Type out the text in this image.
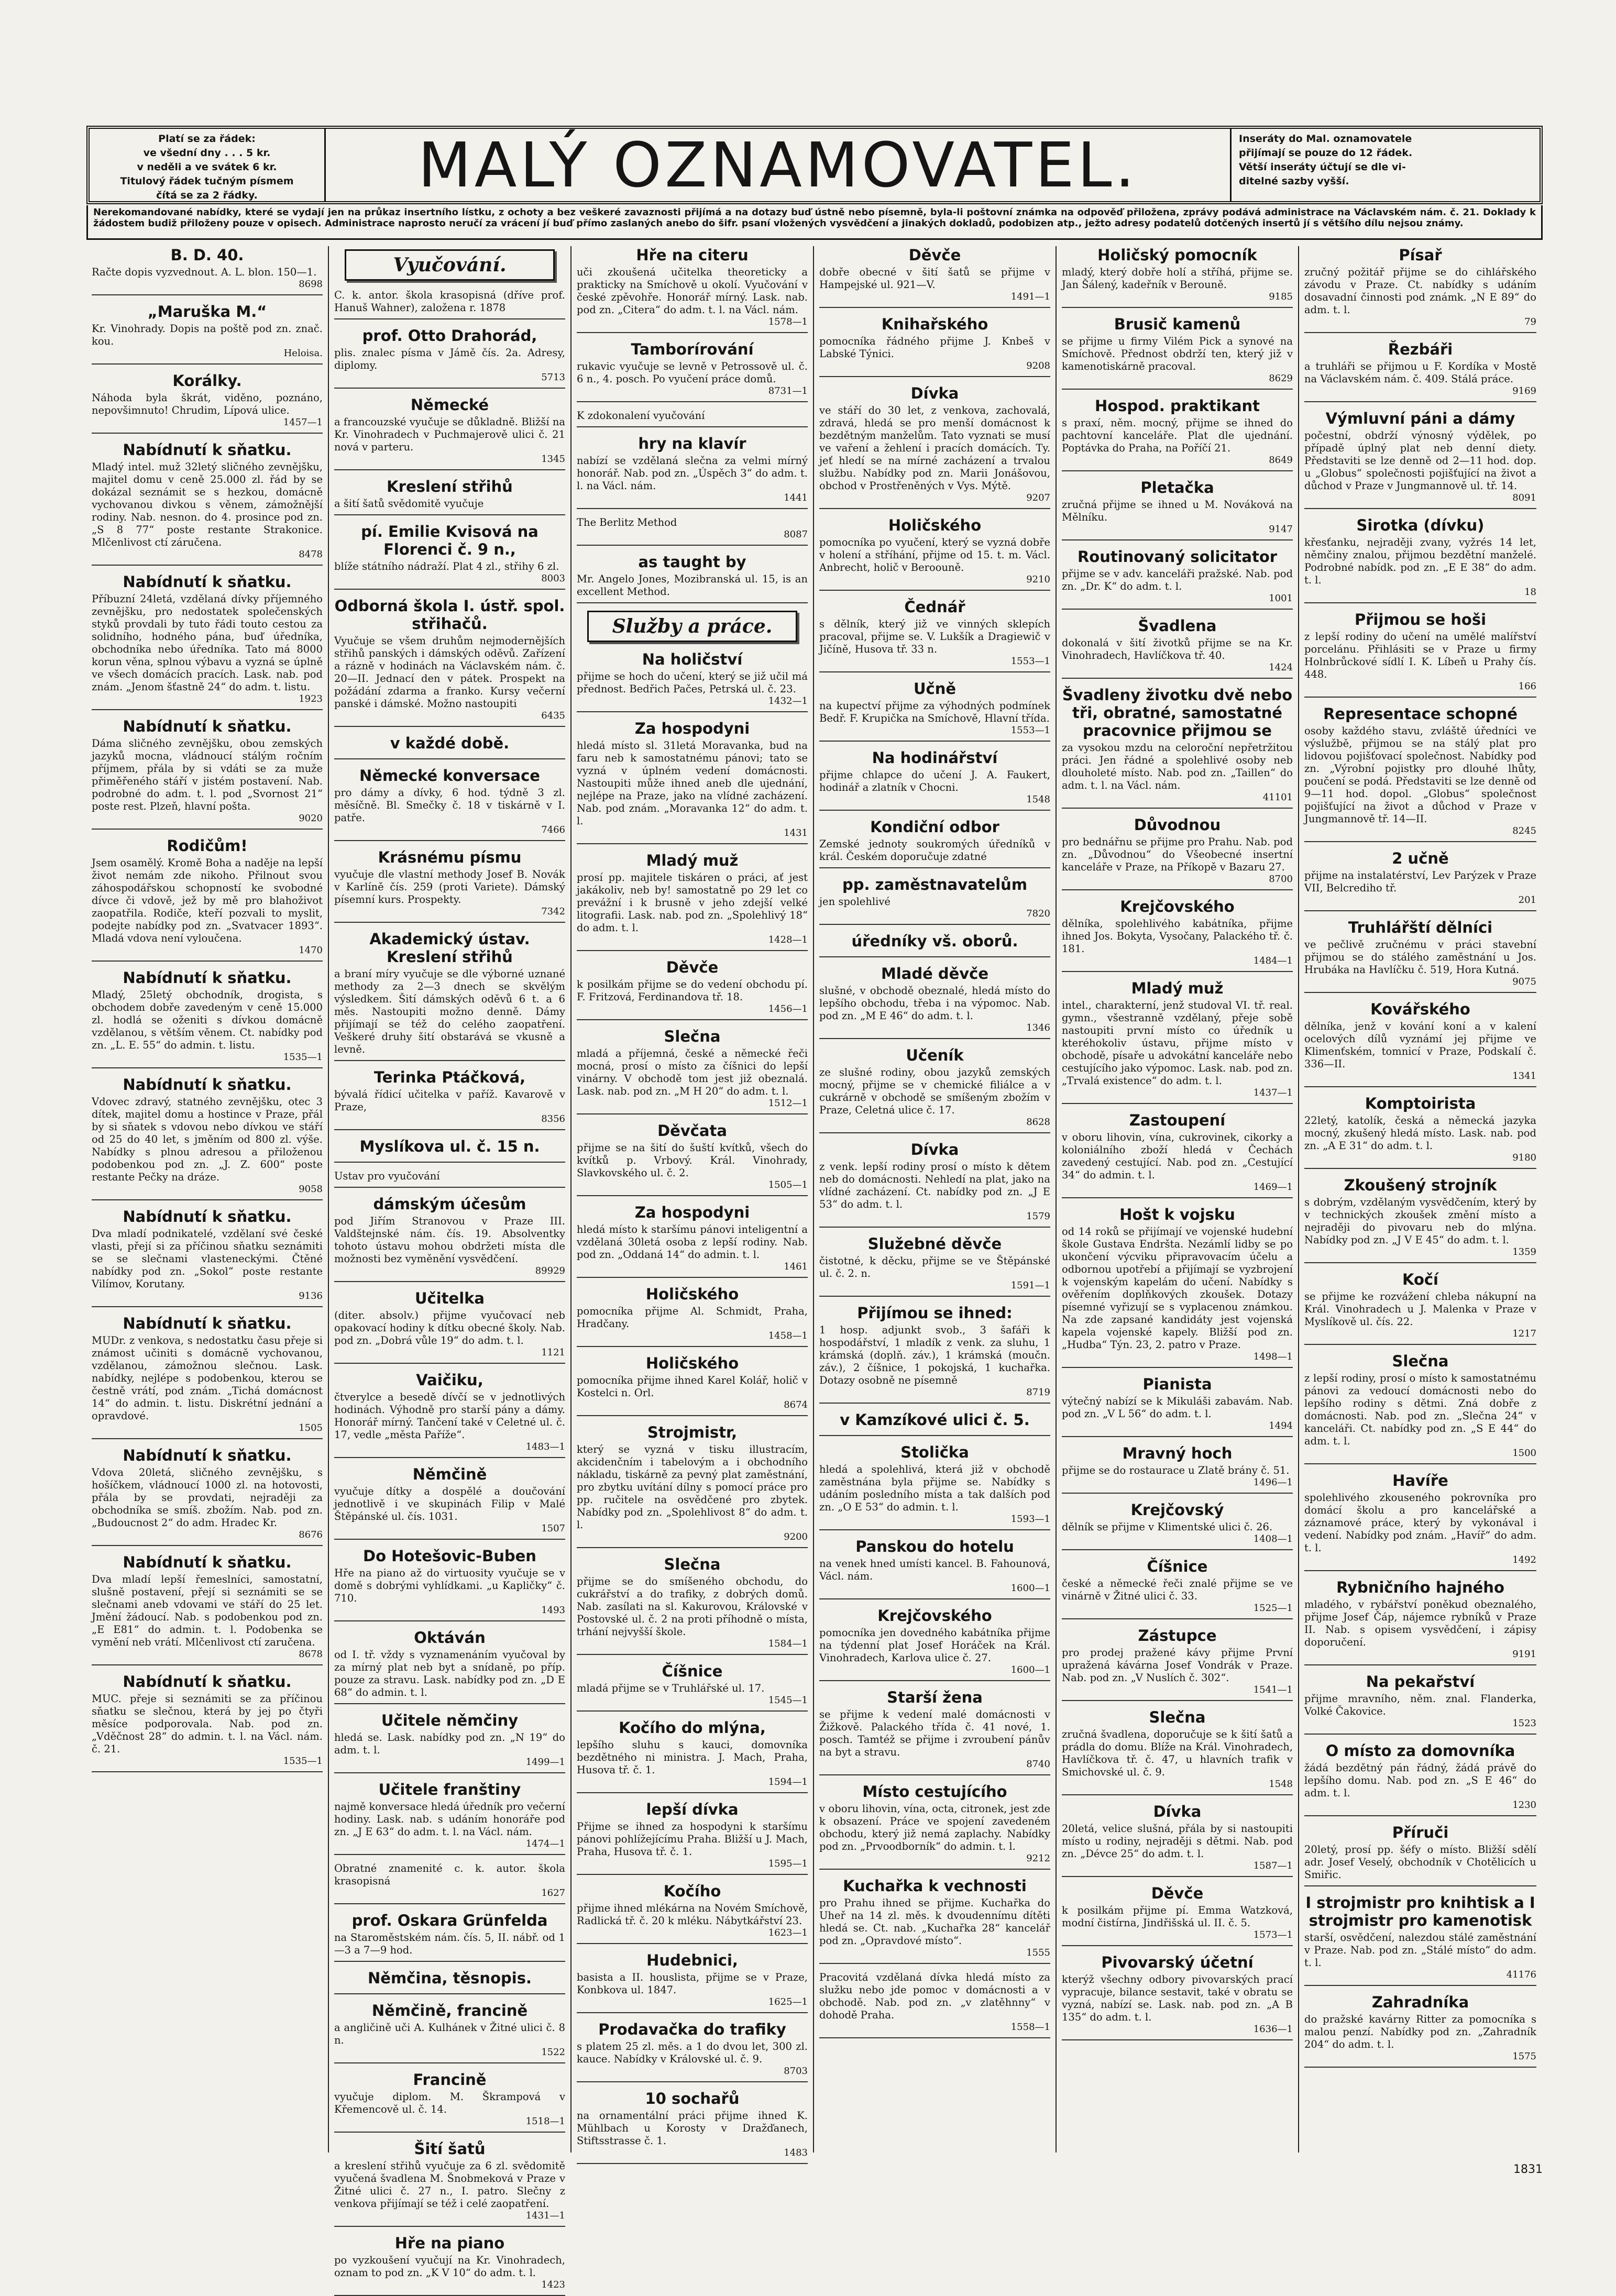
Platí se za řádek:
ve všední dny . . . 5 kr.
v neděli a ve svátek 6 kr.
Titulový řádek tučným písmem
čítá se za 2 řádky.	MALÝ OZNAMOVATEL.	Inseráty do Mal. oznamovatele
přijímají se pouze do 12 řádek.
Větší inseráty účtují se dle vi-
ditelné sazby vyšší.
Nerekomandované nabídky, které se vydají jen na průkaz insertního lístku, z ochoty a bez veškeré zavaznosti přijímá a na dotazy buď ústně nebo písemně, byla-li poštovní známka na odpověď přiložena, zprávy podává administrace na Václavském nám. č. 21. Doklady k žádostem budiž přiloženy pouze v opisech. Administrace naprosto neručí za vrácení jí buď přímo zaslaných anebo do šifr. psaní vložených vysvědčení a jinakých dokladů, podobizen atp., ježto adresy podatelů dotčených insertů jí s většího dílu nejsou známy.
B. D. 40.

Račte dopis vyzvednout. A. L. blon. 150—1.

8698
„Maruška M.“

Kr. Vinohrady. Dopis na poště pod zn. znač. kou.

Heloisa.
Korálky.

Náhoda byla škrát, viděno, poznáno, nepovšimnuto! Chrudim, Lípová ulice.

1457—1
Nabídnutí k sňatku.

Mladý intel. muž 32letý sličného zevnějšku, majitel domu v ceně 25.000 zl. řád by se dokázal seznámit se s hezkou, domácně vychovanou divkou s věnem, zámožnější rodiny. Nab. nesnon. do 4. prosince pod zn. „S 8 77“ poste restante Strakonice. Mlčenlivost ctí záručena.

8478
Nabídnutí k sňatku.

Příbuzní 24letá, vzdělaná dívky příjemného zevnějšku, pro nedostatek společenských styků provdali by tuto řádi touto cestou za solidního, hodného pána, buď úředníka, obchodníka nebo úředníka. Tato má 8000 korun věna, splnou výbavu a vyzná se úplně ve všech domácích pracích. Lask. nab. pod znám. „Jenom šťastně 24“ do adm. t. listu.

1923
Nabídnutí k sňatku.

Dáma sličného zevnějšku, obou zemských jazyků mocna, vládnoucí stálým ročním příjmem, přála by si vdáti se za muže přiměřeného stáří v jistém postavení. Nab. podrobné do adm. t. l. pod „Svornost 21“ poste rest. Plzeň, hlavní pošta.

9020
Rodičům!

Jsem osamělý. Kromě Boha a naděje na lepší život nemám zde nikoho. Přilnout svou záhospodářskou schopností ke svobodné dívce či vdově, jež by mě pro blahoživot zaopatřila. Rodiče, kteří pozvali to myslit, podejte nabídky pod zn. „Svatvacer 1893“. Mladá vdova není vyloučena.

1470
Nabídnutí k sňatku.

Mladý, 25letý obchodník, drogista, s obchodem dobře zavedeným v ceně 15.000 zl. hodlá se oženiti s dívkou domácně vzdělanou, s větším věnem. Ct. nabídky pod zn. „L. E. 55“ do admin. t. listu.

1535—1
Nabídnutí k sňatku.

Vdovec zdravý, statného zevnějšku, otec 3 dítek, majitel domu a hostince v Praze, přál by si sňatek s vdovou nebo dívkou ve stáří od 25 do 40 let, s jměním od 800 zl. výše. Nabídky s plnou adresou a přiloženou podobenkou pod zn. „J. Z. 600“ poste restante Pečky na dráze.

9058
Nabídnutí k sňatku.

Dva mladí podnikatelé, vzdělaní své české vlasti, přejí si za příčinou sňatku seznámiti se se slečnami vlasteneckými. Čtěné nabídky pod zn. „Sokol“ poste restante Vilímov, Korutany.

9136
Nabídnutí k sňatku.

MUDr. z venkova, s nedostatku času přeje si známost učiniti s domácně vychovanou, vzdělanou, zámožnou slečnou. Lask. nabídky, nejlépe s podobenkou, kterou se čestně vrátí, pod znám. „Tichá domácnost 14“ do admin. t. listu. Diskrétní jednání a opravdové.

1505
Nabídnutí k sňatku.

Vdova 20letá, sličného zevnějšku, s hošíčkem, vládnoucí 1000 zl. na hotovosti, přála by se provdati, nejraději za obchodníka se smíš. zbožím. Nab. pod zn. „Budoucnost 2“ do adm. Hradec Kr.

8676
Nabídnutí k sňatku.

Dva mladí lepší řemeslníci, samostatní, slušně postavení, přejí si seznámiti se se slečnami aneb vdovami ve stáří do 25 let. Jmění žádoucí. Nab. s podobenkou pod zn. „E E81“ do admin. t. l. Podobenka se vymění neb vrátí. Mlčenlivost ctí zaručena.

8678
Nabídnutí k sňatku.

MUC. přeje si seznámiti se za příčinou sňatku se slečnou, která by jej po čtyři měsíce podporovala. Nab. pod zn. „Vděčnost 28“ do admin. t. l. na Václ. nám. č. 21.

1535—1
Vyučování.

C. k. antor. škola krasopisná (dříve prof. Hanuš Wahner), založena r. 1878

prof. Otto Drahorád,

plis. znalec písma v Jámě čís. 2a. Adresy, diplomy.

5713
Německé

a francouzské vyučuje se důkladně. Bližší na Kr. Vinohradech v Puchmajerově ulici č. 21 nová v parteru.

1345
Kreslení střihů

a šití šatů svědomitě vyučuje

pí. Emilie Kvisová na Florenci č. 9 n.,

blíže státního nádraží. Plat 4 zl., střihy 6 zl.

8003
Odborná škola I. ústř. spol. střihačů.

Vyučuje se všem druhům nejmodernějších střihů panských i dámských oděvů. Zařízení a rázně v hodinách na Václavském nám. č. 20—II. Jednací den v pátek. Prospekt na požádání zdarma a franko. Kursy večerní panské i dámské. Možno nastoupiti

6435
v každé době.
Německé konversace

pro dámy a dívky, 6 hod. týdně 3 zl. měsíčně. Bl. Smečky č. 18 v tiskárně v I. patře.

7466
Krásnému písmu

vyučuje dle vlastní methody Josef B. Novák v Karlíně čís. 259 (proti Variete). Dámský písemní kurs. Prospekty.

7342
Akademický ústav. Kreslení střihů

a braní míry vyučuje se dle výborné uznané methody za 2—3 dnech se skvělým výsledkem. Šití dámských oděvů 6 t. a 6 měs. Nastoupiti možno denně. Dámy přijímají se též do celého zaopatření. Veškeré druhy šití obstarává se vkusně a levně.

Terinka Ptáčková,

bývalá řídicí učitelka v paříž. Kavarově v Praze,

8356
Myslíkova ul. č. 15 n.

Ustav pro vyučování

dámským účesům

pod Jiřím Stranovou v Praze III. Valdštejnské nám. čís. 19. Absolventky tohoto ústavu mohou obdržeti místa dle možnosti bez vyměnění vysvědčení.

89929
Učitelka

(diter. absolv.) přijme vyučovací neb opakovací hodiny k dítku obecné školy. Nab. pod zn. „Dobrá vůle 19“ do adm. t. l.

1121
Vaičiku,

čtverylce a besedě dívčí se v jednotlivých hodinách. Výhodně pro starší pány a dámy. Honorář mírný. Tančení také v Celetné ul. č. 17, vedle „města Paříže“.

1483—1
Němčině

vyučuje dítky a dospělé a doučování jednotlivě i ve skupinách Filip v Malé Štěpánské ul. čís. 1031.

1507
Do Hotešovic-Buben

Hře na piano až do virtuosity vyučuje se v domě s dobrými vyhlídkami. „u Kapličky“ č. 710.

1493
Oktáván

od I. tř. vždy s vyznamenáním vyučoval by za mírný plat neb byt a snídaně, po příp. pouze za stravu. Lask. nabídky pod zn. „D E 68“ do admin. t. l.

Učitele němčiny

hledá se. Lask. nabídky pod zn. „N 19“ do adm. t. l.

1499—1
Učitele franštiny

najmě konversace hledá úředník pro večerní hodiny. Lask. nab. s udáním honoráře pod zn. „J E 63“ do adm. t. l. na Václ. nám.

1474—1

Obratné znamenité c. k. autor. škola krasopisná

1627
prof. Oskara Grünfelda

na Staroměstském nám. čís. 5, II. nábř. od 1—3 a 7—9 hod.

Němčina, těsnopis.
Němčině, francině

a angličině uči A. Kulhánek v Žitné ulici č. 8 n.

1522
Francině

vyučuje diplom. M. Škrampová v Křemencově ul. č. 14.

1518—1
Šití šatů

a kreslení střihů vyučuje za 6 zl. svědomitě vyučená švadlena M. Šnobmeková v Praze v Žitné ulici č. 27 n., I. patro. Slečny z venkova přijímají se též i celé zaopatření.

1431—1
Hře na piano

po vyzkoušení vyučují na Kr. Vinohradech, oznam to pod zn. „K V 10“ do adm. t. l.

1423
Hře na citeru

uči zkoušená učitelka theoreticky a prakticky na Smíchově u okolí. Vyučování v české zpěvohře. Honorář mírný. Lask. nab. pod zn. „Citera“ do adm. t. l. na Václ. nám.

1578—1
Tamborírování

rukavic vyučuje se levně v Petrossově ul. č. 6 n., 4. posch. Po vyučení práce domů.

8731—1

K zdokonalení vyučování

hry na klavír

nabízí se vzdělaná slečna za velmi mírný honorář. Nab. pod zn. „Úspěch 3“ do adm. t. l. na Václ. nám.

1441

The Berlitz Method

8087
as taught by

Mr. Angelo Jones, Mozibranská ul. 15, is an excellent Method.

Služby a práce.
Na holičství

přijme se hoch do učení, který se již učil má přednost. Bedřich Pačes, Petrská ul. č. 23.

1432—1
Za hospodyni

hledá místo sl. 31letá Moravanka, bud na faru neb k samostatnému pánovi; tato se vyzná v úplném vedení domácnosti. Nastoupiti může ihned aneb dle ujednání, nejlépe na Praze, jako na vlídné zacházení. Nab. pod znám. „Moravanka 12“ do adm. t. l.

1431
Mladý muž

prosí pp. majitele tiskáren o práci, ať jest jakákoliv, neb by! samostatně po 29 let co prevážní i k brusně v jeho zdejší velké litografii. Lask. nab. pod zn. „Spolehlivý 18“ do adm. t. l.

1428—1
Děvče

k posilkám přijme se do vedení obchodu pí. F. Fritzová, Ferdinandova tř. 18.

1456—1
Slečna

mladá a příjemná, české a německé řeči mocná, prosí o místo za číšnici do lepší vinárny. V obchodě tom jest již obeznalá. Lask. nab. pod zn. „M H 20“ do adm. t. l.

1512—1
Děvčata

přijme se na šití do šuští kvítků, všech do kvítků p. Vrbový. Král. Vinohrady, Slavkovského ul. č. 2.

1505—1
Za hospodyni

hledá místo k staršímu pánovi inteligentní a vzdělaná 30letá osoba z lepší rodiny. Nab. pod zn. „Oddaná 14“ do admin. t. l.

1461
Holičského

pomocníka přijme Al. Schmidt, Praha, Hradčany.

1458—1
Holičského

pomocníka přijme ihned Karel Kolář, holič v Kostelci n. Orl.

8674
Strojmistr,

který se vyzná v tisku illustracím, akcidenčním i tabelovým a i obchodního nákladu, tiskárně za pevný plat zaměstnání, pro zbytku uvítání dílny s pomocí práce pro pp. ručitele na osvědčené pro zbytek. Nabídky pod zn. „Spolehlivost 8“ do adm. t. l.

9200
Slečna

přijme se do smíšeného obchodu, do cukrářství a do trafiky, z dobrých domů. Nab. zasílati na sl. Kakurovou, Královské v Postovské ul. č. 2 na proti příhodně o místa, trhání nejvyšší škole.

1584—1
Číšnice

mladá přijme se v Truhlářské ul. 17.

1545—1
Kočího do mlýna,

lepšího sluhu s kauci, domovníka bezdětného ni ministra. J. Mach, Praha, Husova tř. č. 1.

1594—1
lepší dívka

Přijme se ihned za hospodyni k staršímu pánovi pohlížejícímu Praha. Bližší u J. Mach, Praha, Husova tř. č. 1.

1595—1
Kočího

přijme ihned mlékárna na Novém Smíchově, Radlická tř. č. 20 k mléku. Nábytkářství 23.

1623—1
Hudebnici,

basista a II. houslista, přijme se v Praze, Konbkova ul. 1847.

1625—1
Prodavačka do trafiky

s platem 25 zl. měs. a 1 do dvou let, 300 zl. kauce. Nabídky v Královské ul. č. 9.

8703
10 sochařů

na ornamentální práci přijme ihned K. Mühlbach u Korosty v Dražďanech, Stiftsstrasse č. 1.

1483
Děvče

dobře obecné v šití šatů se přijme v Hampejské ul. 921—V.

1491—1
Knihařského

pomocníka řádného přijme J. Knbeš v Labské Týnici.

9208
Dívka

ve stáří do 30 let, z venkova, zachovalá, zdravá, hledá se pro menší domácnost k bezdětným manželům. Tato vyznati se musí ve vaření a žehlení i pracích domácích. Ty. jeť hledí se na mírné zacházení a trvalou službu. Nabídky pod zn. Marii Jonášovou, obchod v Prostřeněných v Vys. Mýtě.

9207
Holičského

pomocníka po vyučení, který se vyzná dobře v holení a stříhání, přijme od 15. t. m. Václ. Anbrecht, holič v Beroouně.

9210
Čednář

s dělník, který již ve vinných sklepích pracoval, přijme se. V. Lukšík a Dragiewič v Jičíně, Husova tř. 33 n.

1553—1
Učně

na kupectví přijme za výhodných podmínek Bedř. F. Krupička na Smíchově, Hlavní třída.

1553—1
Na hodinářství

přijme chlapce do učení J. A. Faukert, hodinář a zlatník v Chocni.

1548
Kondiční odbor

Zemské jednoty soukromých úředníků v král. Českém doporučuje zdatné

pp. zaměstnavatelům

jen spolehlivé

7820
úředníky vš. oborů.
Mladé děvče

slušné, v obchodě obeznalé, hledá místo do lepšího obchodu, třeba i na výpomoc. Nab. pod zn. „M E 46“ do adm. t. l.

1346
Učeník

ze slušné rodiny, obou jazyků zemských mocný, přijme se v chemické filiálce a v cukrárně v obchodě se smíšeným zbožím v Praze, Celetná ulice č. 17.

8628
Dívka

z venk. lepší rodiny prosí o místo k dětem neb do domácnosti. Nehledí na plat, jako na vlídné zacházení. Ct. nabídky pod zn. „J E 53“ do adm. t. l.

1579
Služebné děvče

čistotné, k děcku, přijme se ve Štěpánské ul. č. 2. n.

1591—1
Přijímou se ihned:

1 hosp. adjunkt svob., 3 šafáři k hospodářství, 1 mladík z venk. za sluhu, 1 krámská (doplň. záv.), 1 krámská (moučn. záv.), 2 číšnice, 1 pokojská, 1 kuchařka. Dotazy osobně ne písemně

8719
v Kamzíkové ulici č. 5.
Stolička

hledá a spolehlivá, která již v obchodě zaměstnána byla přijme se. Nabídky s udáním posledního místa a tak dalších pod zn. „O E 53“ do admin. t. l.

1593—1
Panskou do hotelu

na venek hned umísti kancel. B. Fahounová, Václ. nám.

1600—1
Krejčovského

pomocníka jen dovedného kabátníka přijme na týdenní plat Josef Horáček na Král. Vinohradech, Karlova ulice č. 27.

1600—1
Starší žena

se přijme k vedení malé domácnosti v Žižkově. Palackého třída č. 41 nové, 1. posch. Tamtéž se přijme i zvroubení pánův na byt a stravu.

8740
Místo cestujícího

v oboru lihovin, vína, octa, citronek, jest zde k obsazení. Práce ve spojení zavedeném obchodu, který již nemá zaplachy. Nabídky pod zn. „Prvoodborník“ do admin. t. l.

9212
Kuchařka k vechnosti

pro Prahu ihned se přijme. Kuchařka do Uheř na 14 zl. měs. k dvoudennímu dítěti hledá se. Ct. nab. „Kuchařka 28“ kancelář pod zn. „Opravdové místo“.

1555

Pracovitá vzdělaná dívka hledá místo za služku nebo jde pomoc v domácnosti a v obchodě. Nab. pod zn. „v zlatěhnny“ v dohodě Praha.

1558—1
Holičský pomocník

mladý, který dobře holí a stříhá, přijme se. Jan Šálený, kadeřník v Berouně.

9185
Brusič kamenů

se přijme u firmy Vilém Pick a synové na Smíchově. Přednost obdrží ten, který již v kamenotiskárně pracoval.

8629
Hospod. praktikant

s praxí, něm. mocný, přijme se ihned do pachtovní kanceláře. Plat dle ujednání. Poptávka do Praha, na Poříčí 21.

8649
Pletačka

zručná přijme se ihned u M. Nováková na Mělníku.

9147
Routinovaný solicitator

přijme se v adv. kanceláři pražské. Nab. pod zn. „Dr. K“ do adm. t. l.

1001
Švadlena

dokonalá v šití životků přijme se na Kr. Vinohradech, Havlíčkova tř. 40.

1424
Švadleny životku dvě nebo tři, obratné, samostatné pracovnice přijmou se

za vysokou mzdu na celoroční nepřetržitou práci. Jen řádné a spolehlivé osoby neb dlouholeté místo. Nab. pod zn. „Taillen“ do adm. t. l. na Václ. nám.

41101
Důvodnou

pro bednářnu se přijme pro Prahu. Nab. pod zn. „Důvodnou“ do Všeobecné insertní kanceláře v Praze, na Příkopě v Bazaru 27.

8700
Krejčovského

dělníka, spolehlivého kabátníka, přijme ihned Jos. Bokyta, Vysočany, Palackého tř. č. 181.

1484—1
Mladý muž

intel., charakterní, jenž studoval VI. tř. real. gymn., všestranně vzdělaný, přeje sobě nastoupiti první místo co úředník u kteréhokoliv ústavu, přijme místo v obchodě, písaře u advokátní kanceláře nebo cestujícího jako výpomoc. Lask. nab. pod zn. „Trvalá existence“ do adm. t. l.

1437—1
Zastoupení

v oboru lihovin, vína, cukrovinek, cikorky a koloniálního zboží hledá v Čechách zavedený cestující. Nab. pod zn. „Cestující 34“ do admin. t. l.

1469—1
Hošt k vojsku

od 14 roků se přijímají ve vojenské hudební škole Gustava Endrštа. Nezámlí lidby se po ukončení výcviku připravovacím účelu a odbornou upotřebí a přijímají se vyzbrojení k vojenským kapelám do učení. Nabídky s ověřením doplňkových zkoušek. Dotazy písemné vyřizují se s vyplacenou známkou. Na zde zapsané kandidáty jest vojenská kapela vojenské kapely. Bližší pod zn. „Hudba“ Týn. 23, 2. patro v Praze.

1498—1
Pianista

výtečný nabízí se k Mikuláši zabavám. Nab. pod zn. „V L 56“ do adm. t. l.

1494
Mravný hoch

přijme se do rostaurace u Zlatě brány č. 51.

1496—1
Krejčovský

dělník se přijme v Klimentské ulici č. 26.

1408—1
Číšnice

české a německé řeči znalé přijme se ve vinárně v Žitné ulici č. 33.

1525—1
Zástupce

pro prodej pražené kávy přijme První upražená kávárna Josef Vondrák v Praze. Nab. pod zn. „V Nuslích č. 302“.

1541—1
Slečna

zručná švadlena, doporučuje se k šití šatů a prádla do domu. Blíže na Král. Vinohradech, Havlíčkova tř. č. 47, u hlavních trafik v Smichovské ul. č. 9.

1548
Dívka

20letá, velice slušná, přála by si nastoupiti místo u rodiny, nejraději s dětmi. Nab. pod zn. „Dévce 25“ do adm. t. l.

1587—1
Děvče

k posilkám přijme pí. Emma Watzková, modní čistírna, Jindřišská ul. II. č. 5.

1573—1
Pivovarský účetní

kterýž všechny odbory pivovarských prací vypracuje, bilance sestavit, také v obratu se vyzná, nabízí se. Lask. nab. pod zn. „A B 135“ do adm. t. l.

1636—1
Písař

zručný požitář přijme se do cihlářského závodu v Praze. Ct. nabídky s udáním dosavadní činnosti pod známk. „N E 89“ do adm. t. l.

79
Řezbáři

a truhláři se přijmou u F. Kordíka v Mostě na Václavském nám. č. 409. Stálá práce.

9169
Výmluvní páni a dámy

počestní, obdrží výnosný výdělek, po případě úplný plat neb denní diety. Představiti se lze denně od 2—11 hod. dop. u „Globus“ společnosti pojišťující na život a důchod v Praze v Jungmannově ul. tř. 14.

8091
Sirotka (dívku)

křesťanku, nejraději zvany, vyžrés 14 let, němčiny znalou, přijmou bezdětní manželé. Podrobné nabídk. pod zn. „E E 38“ do adm. t. l.

18
Přijmou se hoši

z lepší rodiny do učení na umělé malířství porcelánu. Přihlásiti se v Praze u firmy Holnbrůckové sídlí I. K. Líbeň u Prahy čís. 448.

166
Representace schopné

osoby každého stavu, zvláště úředníci ve výslužbě, přijmou se na stálý plat pro lidovou pojišťovací společnost. Nabídky pod zn. „Výrobní pojistky pro dlouhé lhůty, poučení se podá. Představiti se lze denně od 9—11 hod. dopol. „Globus“ společnost pojišťující na život a důchod v Praze v Jungmannově tř. 14—II.

8245
2 učně

přijme na instalatérství, Lev Parýzek v Praze VII, Belcrediho tř.

201
Truhlářští dělníci

ve pečlivě zručnému v práci stavební přijmou se do stálého zaměstnání u Jos. Hrubáka na Havlíčku č. 519, Hora Kutná.

9075
Kovářského

dělníka, jenž v kování koní a v kalení ocelových dílů vyznámí jej přijme ve Klimenťském, tomnicí v Praze, Podskalí č. 336—II.

1341
Komptoiristа

22letý, katolík, česká a německá jazyka mocný, zkušený hledá místo. Lask. nab. pod zn. „A E 31“ do adm. t. l.

9180
Zkoušený strojník

s dobrým, vzdělaným vysvědčením, který by v technických zkoušek změní místo a nejraději do pivovaru neb do mlýna. Nabídky pod zn. „J V E 45“ do adm. t. l.

1359
Kočí

se přijme ke rozvážení chleba nákupní na Král. Vinohradech u J. Malenka v Praze v Myslíkově ul. čís. 22.

1217
Slečna

z lepší rodiny, prosí o místo k samostatnému pánovi za vedoucí domácnosti nebo do lepšího rodiny s dětmi. Zná dobře z domácnosti. Nab. pod zn. „Slečna 24“ v kanceláři. Ct. nabídky pod zn. „S E 44“ do adm. t. l.

1500
Havíře

spolehlivého zkouseného pokrovníka pro domácí školu a pro kancelářské a záznamové práce, který by vykonával i vedení. Nabídky pod znám. „Havíř“ do adm. t. l.

1492
Rybničního hajného

mladého, v rybářství poněkud obeznalého, přijme Josef Čáp, nájemce rybníků v Praze II. Nab. s opisem vysvědčení, i zápisy doporučení.

9191
Na pekařství

přijme mravního, něm. znal. Flanderka, Volké Čakovice.

1523
O místo za domovníka

žádá bezdětný pán řádný, žádá právě do lepšího domu. Nab. pod zn. „S E 46“ do adm. t. l.

1230
Příruči

20letý, prosí pp. šéfy o místo. Bližší sdělí adr. Josef Veselý, obchodník v Chotělicích u Smiřic.

I strojmistr pro knihtisk a I strojmistr pro kamenotisk

starší, osvědčení, nalezdou stálé zaměstnání v Praze. Nab. pod zn. „Stálé místo“ do adm. t. l.

41176
Zahradníka

do pražské kavárny Ritter za pomocníka s malou penzí. Nabídky pod zn. „Zahradník 204“ do adm. t. l.

1575
1831
